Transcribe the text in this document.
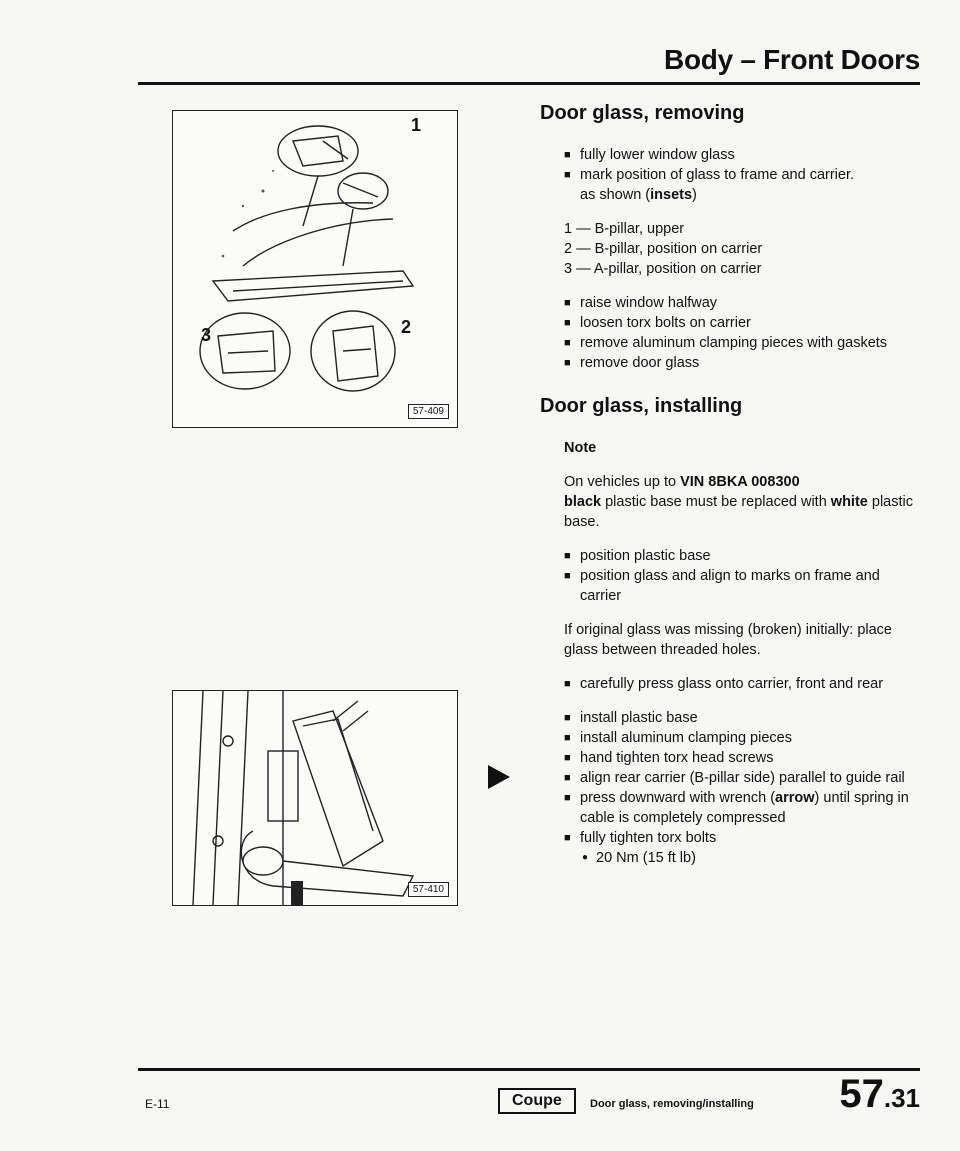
Body – Front Doors
1
2
3
57-409
57-410
Door glass, removing
■ fully lower window glass
■ mark position of glass to frame and carrier.

as shown (insets)

1 — B-pillar, upper

2 — B-pillar, position on carrier

3 — A-pillar, position on carrier

■ raise window halfway
■ loosen torx bolts on carrier
■ remove aluminum clamping pieces with gaskets
■ remove door glass
Door glass, installing

Note

On vehicles up to VIN 8BKA 008300
black plastic base must be replaced with white plastic base.

■ position plastic base
■ position glass and align to marks on frame and carrier

If original glass was missing (broken) initially: place glass between threaded holes.

■ carefully press glass onto carrier, front and rear
■ install plastic base
■ install aluminum clamping pieces
■ hand tighten torx head screws
■ align rear carrier (B-pillar side) parallel to guide rail
■ press downward with wrench (arrow) until spring in cable is completely compressed
■ fully tighten torx bolts
● 20 Nm (15 ft lb)
E-11	Coupe	Door glass, removing/installing 57.31
